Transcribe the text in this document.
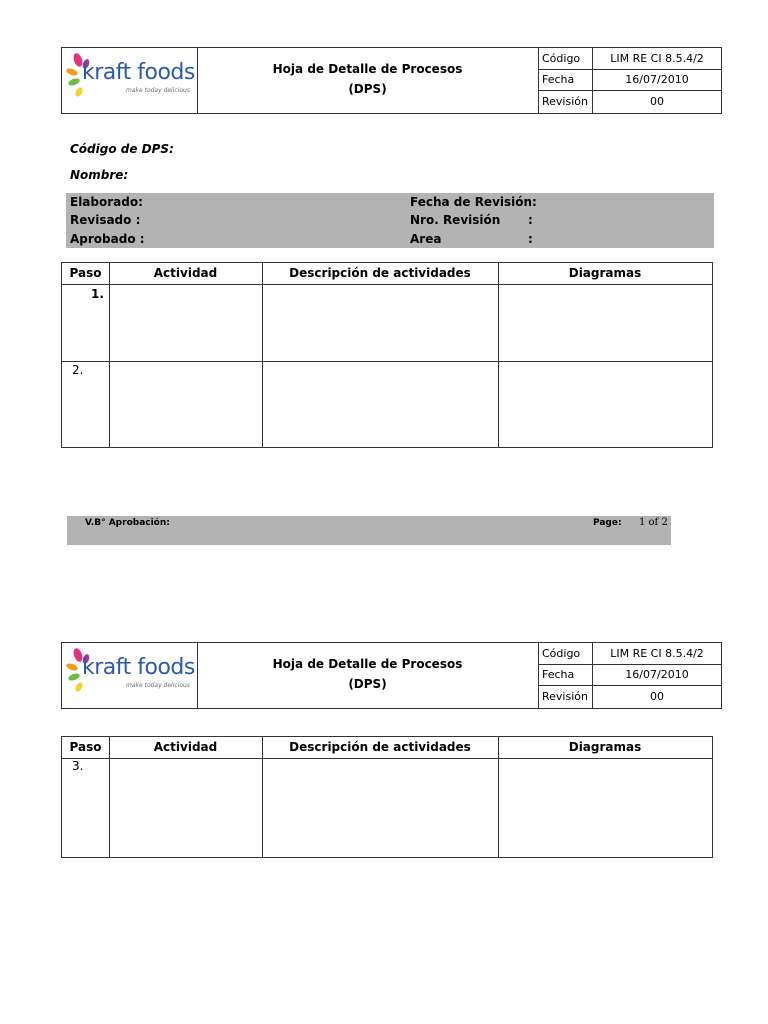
kraft foods
make today delicious
Hoja de Detalle de Procesos
(DPS)
Código	LIM RE CI 8.5.4/2
Fecha	16/07/2010
Revisión	00
Código de DPS:
Nombre:
Elaborado:
Revisado :
Aprobado :
Fecha de Revisión:
Nro. Revisión :
Area	:
Paso	Actividad	Descripción de actividades	Diagramas
1.
2.
V.B° Aprobación:	Page: 1 of 2
kraft foods
make today delicious
Hoja de Detalle de Procesos
(DPS)
Código	LIM RE CI 8.5.4/2
Fecha	16/07/2010
Revisión	00
Paso	Actividad	Descripción de actividades	Diagramas
3.
